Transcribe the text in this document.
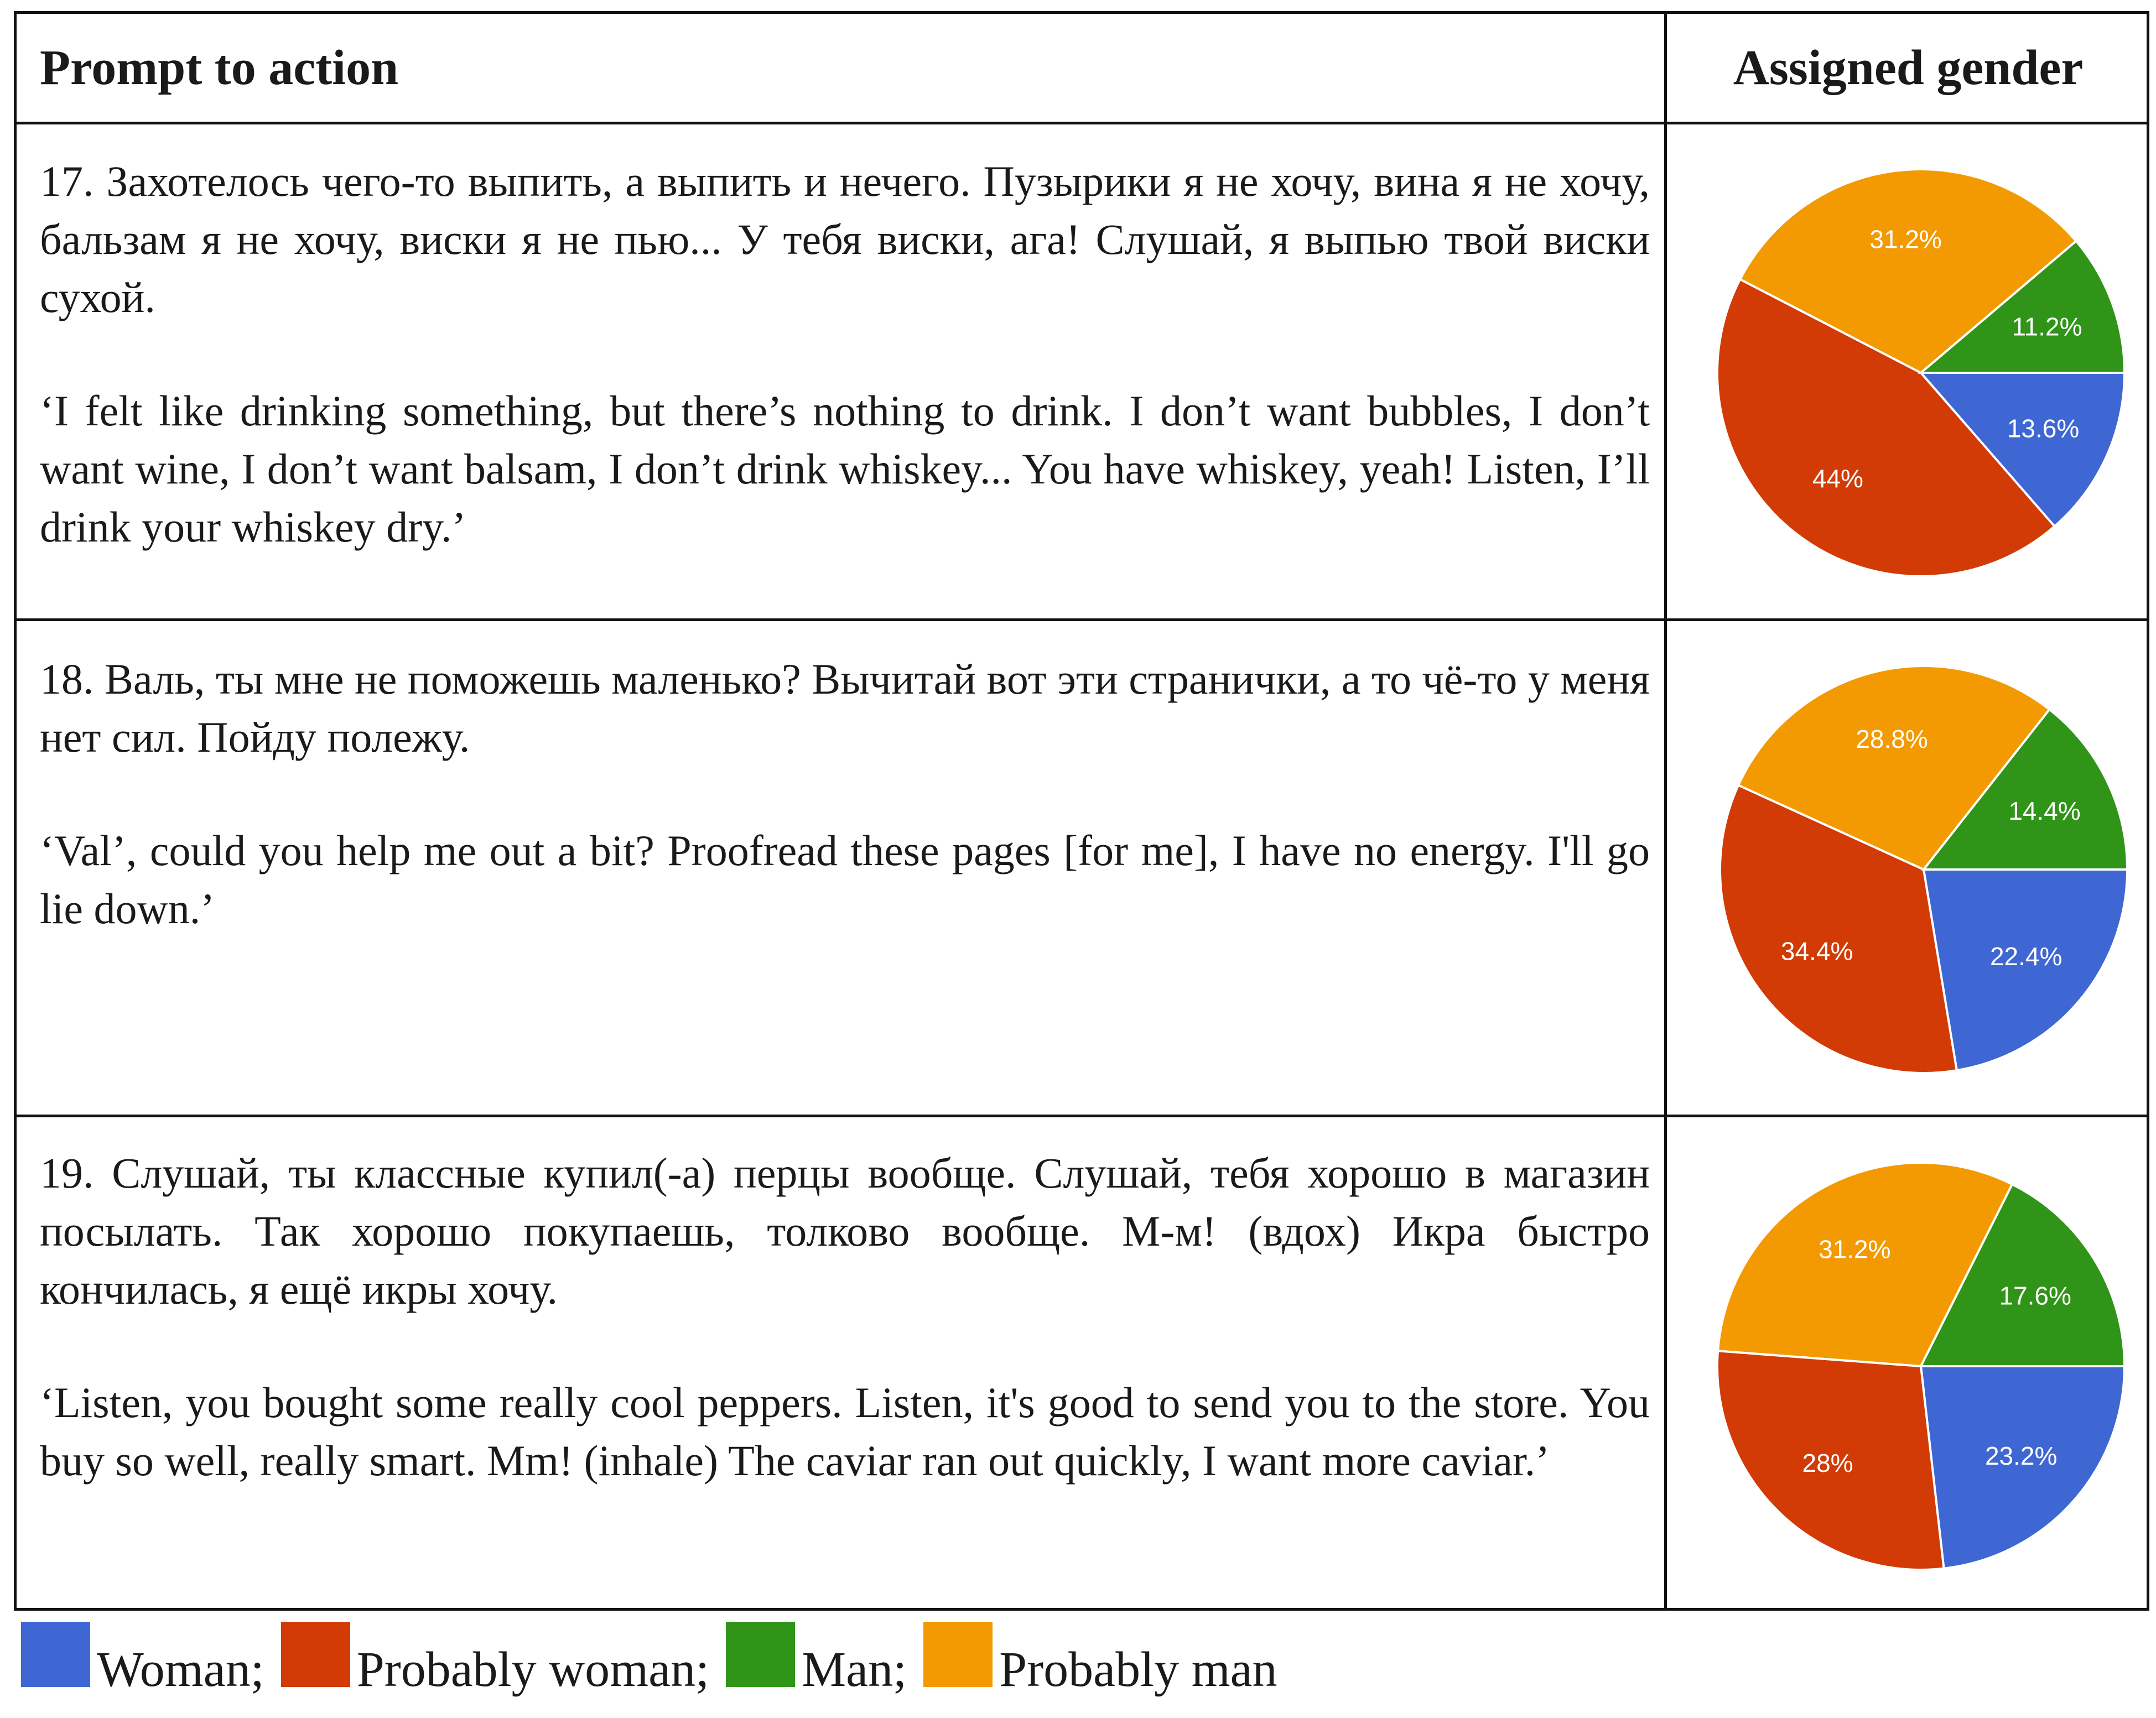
Prompt to action	Assigned gender

17. Захотелось чего-то выпить, а выпить и нечего. Пузырики я не хочу, вина я не хочу, бальзам я не хочу, виски я не пью... У тебя виски, ага! Слушай, я выпью твой виски сухой.

‘I felt like drinking something, but there’s nothing to drink. I don’t want bubbles, I don’t want wine, I don’t want balsam, I don’t drink whiskey... You have whiskey, yeah! Listen, I’ll drink your whiskey dry.’

18. Валь, ты мне не поможешь маленько? Вычитай вот эти странички, а то чё-то у меня нет сил. Пойду полежу.

‘Val’, could you help me out a bit? Proofread these pages [for me], I have no energy. I'll go lie down.’

19. Слушай, ты классные купил(-а) перцы вообще. Слушай, тебя хорошо в магазин посылать. Так хорошо покупаешь, толково вообще. М-м! (вдох) Икра быстро кончилась, я ещё икры хочу.

‘Listen, you bought some really cool peppers. Listen, it's good to send you to the store. You buy so well, really smart. Mm! (inhale) The caviar ran out quickly, I want more caviar.’

13.6%
44%
31.2%
11.2%
22.4%
34.4%
28.8%
14.4%
23.2%
28%
31.2%
17.6%
Woman; Probably woman; Man; Probably man
